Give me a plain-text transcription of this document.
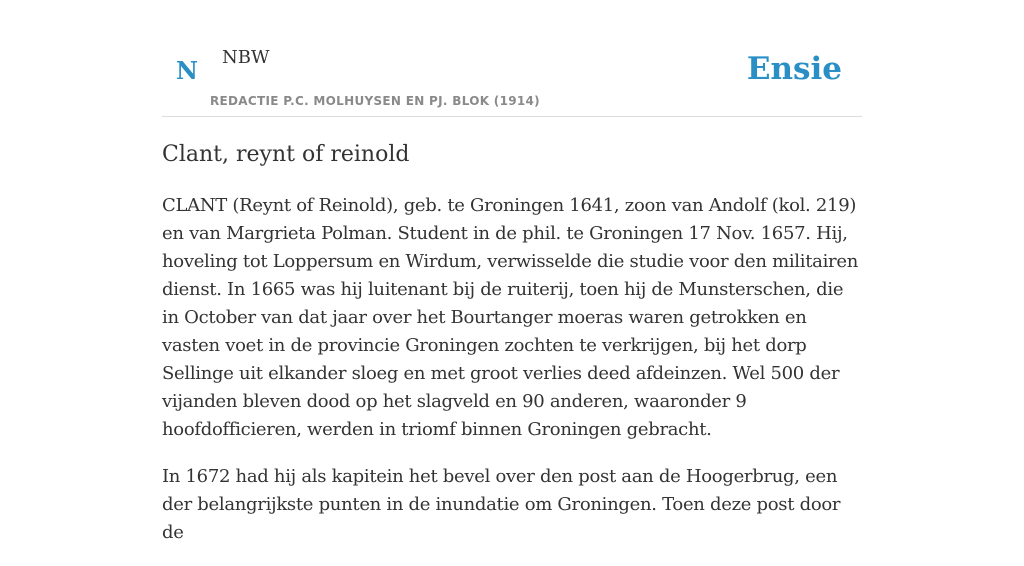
N NBW
REDACTIE P.C. MOLHUYSEN EN PJ. BLOK (1914)
Ensie
Clant, reynt of reinold

CLANT (Reynt of Reinold), geb. te Groningen 1641, zoon van Andolf (kol. 219) en van Margrieta Polman. Student in de phil. te Groningen 17 Nov. 1657. Hij, hoveling tot Loppersum en Wirdum, verwisselde die studie voor den militairen dienst. In 1665 was hij luitenant bij de ruiterij, toen hij de Munsterschen, die in October van dat jaar over het Bourtanger moeras waren getrokken en vasten voet in de provincie Groningen zochten te verkrijgen, bij het dorp Sellinge uit elkander sloeg en met groot verlies deed afdeinzen. Wel 500 der vijanden bleven dood op het slagveld en 90 anderen, waaronder 9 hoofdofficieren, werden in triomf binnen Groningen gebracht.

In 1672 had hij als kapitein het bevel over den post aan de Hoogerbrug, een der belangrijkste punten in de inundatie om Groningen. Toen deze post door de
